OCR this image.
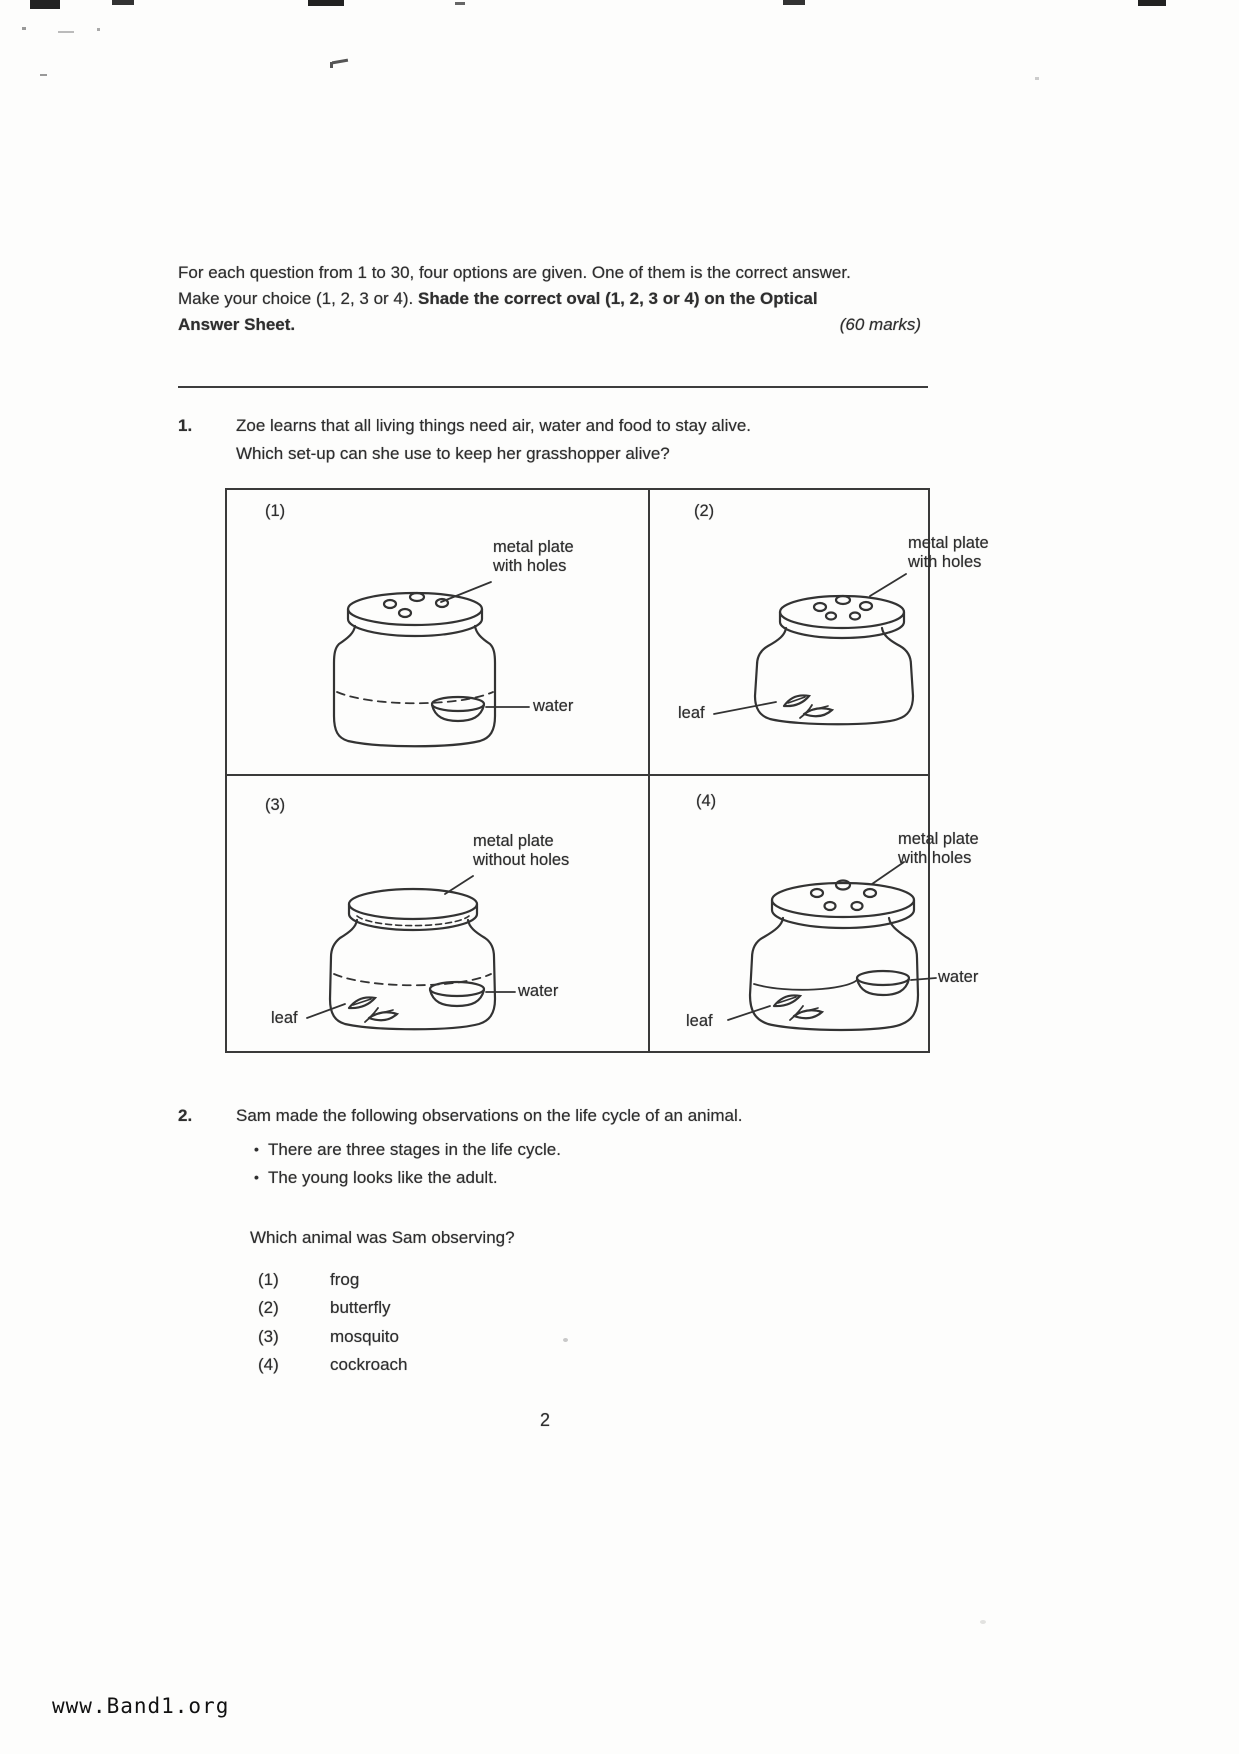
For each question from 1 to 30, four options are given. One of them is the correct answer.
Make your choice (1, 2, 3 or 4). Shade the correct oval (1, 2, 3 or 4) on the Optical
Answer Sheet.	(60 marks)
1.	Zoe learns that all living things need air, water and food to stay alive.
Which set-up can she use to keep her grasshopper alive?
(1)
metal plate
with holes
water
(2)
metal plate
with holes
leaf
(3)
metal plate
without holes
water
leaf
(4)
metal plate
with holes
water
leaf
2.	Sam made the following observations on the life cycle of an animal.
• There are three stages in the life cycle.
• The young looks like the adult.
Which animal was Sam observing?
(1)	frog
(2)	butterfly
(3)	mosquito
(4)	cockroach
2
www.Band1.org
